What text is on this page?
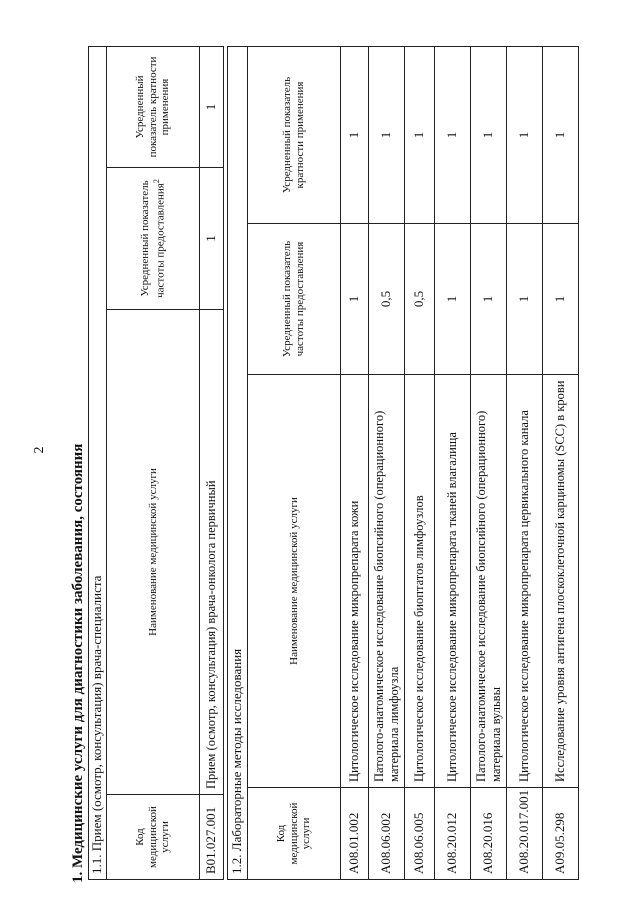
2 1. Медицинские услуги для диагностики заболевания, состояния 1.1. Прием (осмотр, консультация) врача-специалиста			
Код медицинской услуги	Наименование медицинской услуги	Усредненный показатель частоты предоставления$^2$	Усредненный показатель кратности применения
B01.027.001	Прием (осмотр, консультация) врача-онколога первичный	1	1
1.2. Лабораторные методы исследования			
Код медицинской услуги	Наименование медицинской услуги	Усредненный показатель частоты предоставления	Усредненный показатель кратности применения
A08.01.002	Цитологическое исследование микропрепарата кожи	1	1
A08.06.002	Патолого-анатомическое исследование биопсийного (операционного) материала лимфоузла	0,5	1
A08.06.005	Цитологическое исследование биоптатов лимфоузлов	0,5	1
A08.20.012	Цитологическое исследование микропрепарата тканей влагалища	1	1
A08.20.016	Патолого-анатомическое исследование биопсийного (операционного) материала вульвы	1	1
A08.20.017.001	Цитологическое исследование микропрепарата цервикального канала	1	1
A09.05.298	Исследование уровня антигена плоскоклеточной карциномы (SCC) в крови	1	1
